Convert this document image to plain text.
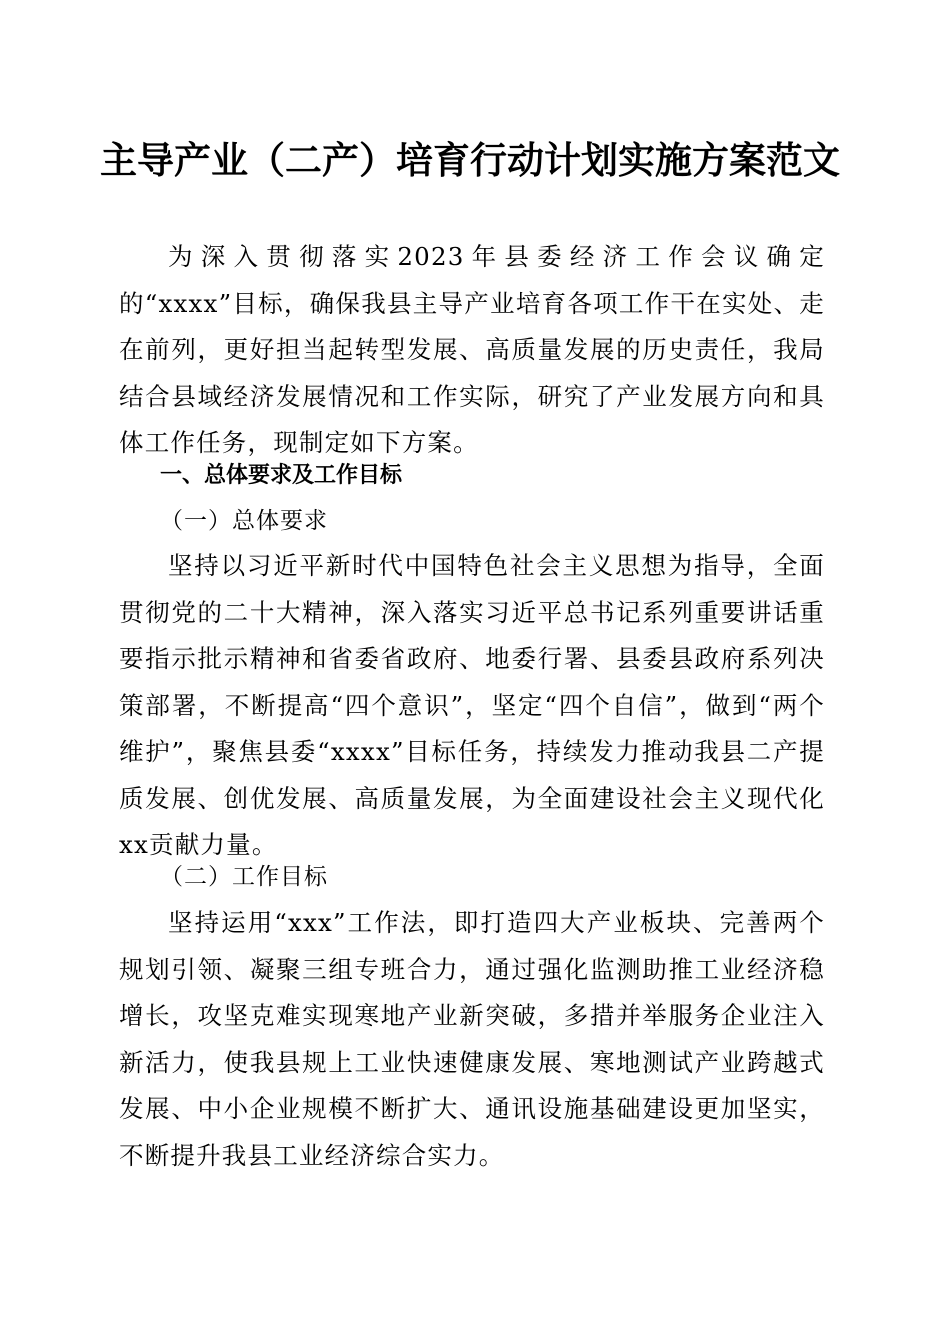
主导产业（二产）培育行动计划实施方案范文

为深入贯彻落实2023年县委经济工作会议确定的“xxxx”目标，确保我县主导产业培育各项工作干在实处、走在前列，更好担当起转型发展、高质量发展的历史责任，我局结合县域经济发展情况和工作实际，研究了产业发展方向和具体工作任务，现制定如下方案。

一、总体要求及工作目标
（一）总体要求

坚持以习近平新时代中国特色社会主义思想为指导，全面贯彻党的二十大精神，深入落实习近平总书记系列重要讲话重要指示批示精神和省委省政府、地委行署、县委县政府系列决策部署，不断提高“四个意识”，坚定“四个自信”，做到“两个维护”，聚焦县委“xxxx”目标任务，持续发力推动我县二产提质发展、创优发展、高质量发展，为全面建设社会主义现代化xx贡献力量。

（二）工作目标

坚持运用“xxx”工作法，即打造四大产业板块、完善两个规划引领、凝聚三组专班合力，通过强化监测助推工业经济稳增长，攻坚克难实现寒地产业新突破，多措并举服务企业注入新活力，使我县规上工业快速健康发展、寒地测试产业跨越式发展、中小企业规模不断扩大、通讯设施基础建设更加坚实，不断提升我县工业经济综合实力。
